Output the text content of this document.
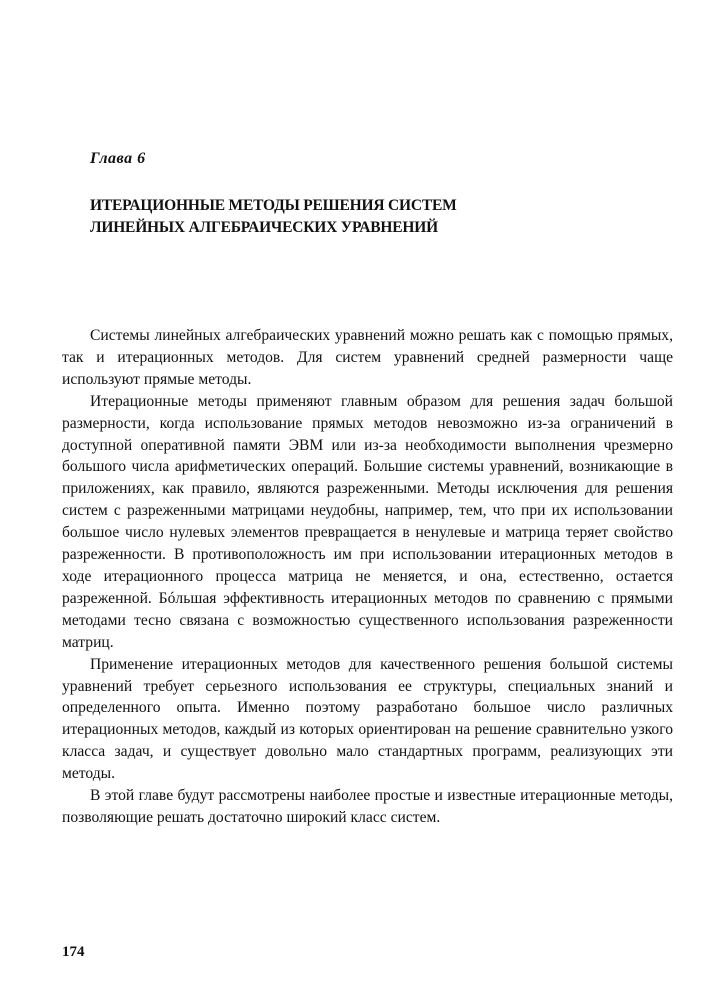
Глава 6
ИТЕРАЦИОННЫЕ МЕТОДЫ РЕШЕНИЯ СИСТЕМ
ЛИНЕЙНЫХ АЛГЕБРАИЧЕСКИХ УРАВНЕНИЙ

Системы линейных алгебраических уравнений можно решать как с помощью прямых, так и итерационных методов. Для систем уравнений средней размерности чаще используют прямые методы.

Итерационные методы применяют главным образом для решения задач большой размерности, когда использование прямых методов невозможно из-за ограничений в доступной оперативной памяти ЭВМ или из-за необходимости выполнения чрезмерно большого числа арифметических операций. Большие системы уравнений, возникающие в приложениях, как правило, являются разреженными. Методы исключения для решения систем с разреженными матрицами неудобны, например, тем, что при их использовании большое число нулевых элементов превращается в ненулевые и матрица теряет свойство разреженности. В противоположность им при использовании итерационных методов в ходе итерационного процесса матрица не меняется, и она, естественно, остается разреженной. Бóльшая эффективность итерационных методов по сравнению с прямыми методами тесно связана с возможностью существенного использования разреженности матриц.

Применение итерационных методов для качественного решения большой системы уравнений требует серьезного использования ее структуры, специальных знаний и определенного опыта. Именно поэтому разработано большое число различных итерационных методов, каждый из которых ориентирован на решение сравнительно узкого класса задач, и существует довольно мало стандартных программ, реализующих эти методы.

В этой главе будут рассмотрены наиболее простые и известные итерационные методы, позволяющие решать достаточно широкий класс систем.

174
